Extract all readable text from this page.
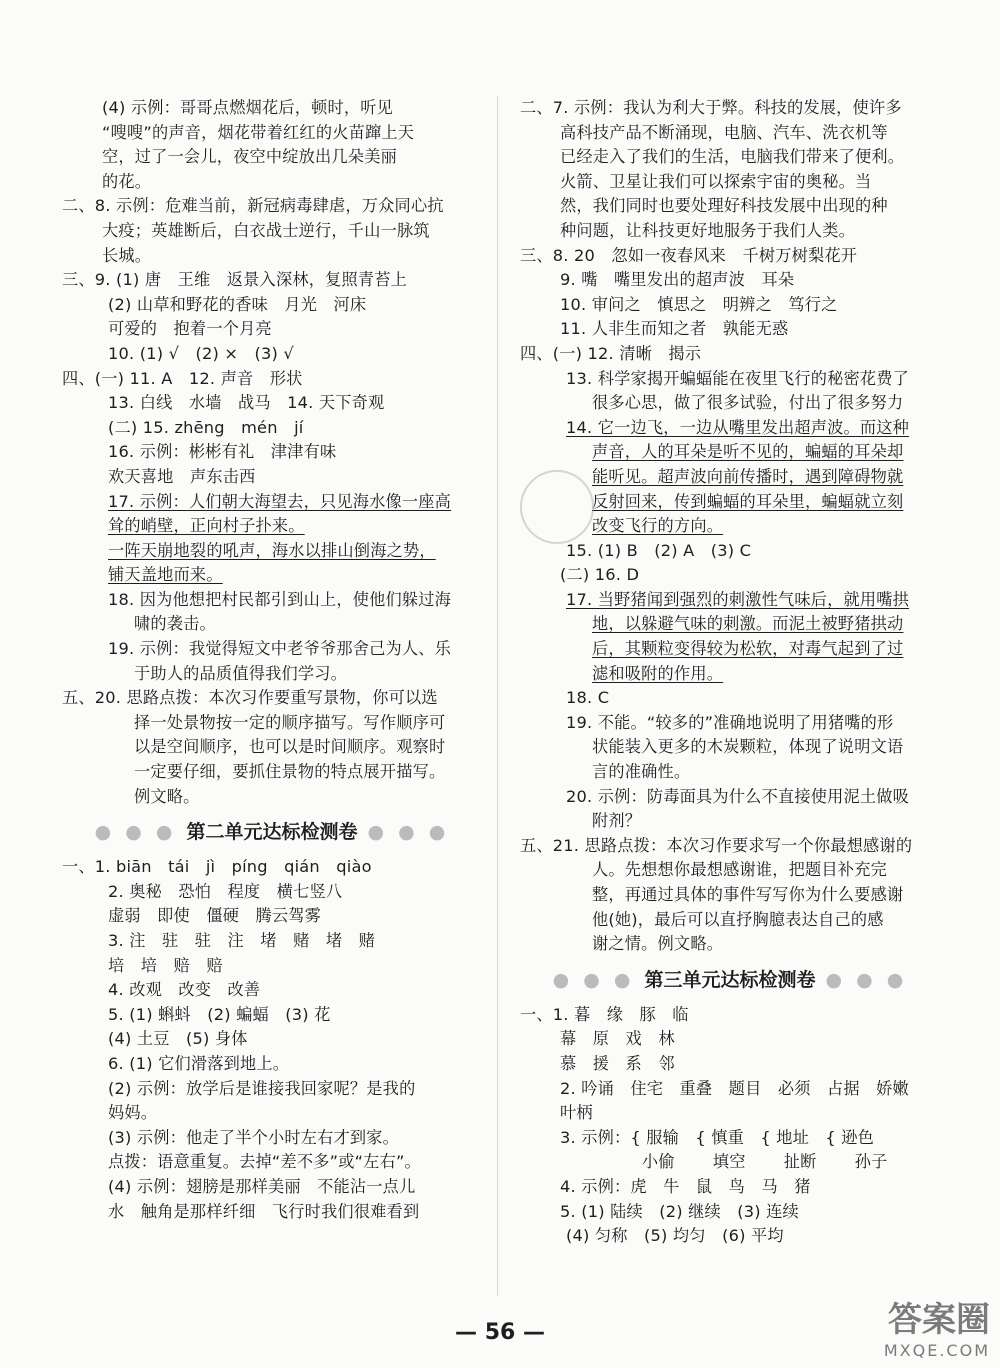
(4) 示例：哥哥点燃烟花后，顿时，听见
“嗖嗖”的声音，烟花带着红红的火苗蹿上天
空，过了一会儿，夜空中绽放出几朵美丽
的花。
二、8. 示例：危难当前，新冠病毒肆虐，万众同心抗
大疫；英雄断后，白衣战士逆行，千山一脉筑
长城。
三、9. (1) 唐　王维　返景入深林，复照青苔上
(2) 山草和野花的香味　月光　河床
可爱的　抱着一个月亮
10. (1) √　(2) ×　(3) √
四、(一) 11. A　12. 声音　形状
13. 白线　水墙　战马　14. 天下奇观
(二) 15. zhēng　mén　jí
16. 示例：彬彬有礼　津津有味
欢天喜地　声东击西
17. 示例：人们朝大海望去，只见海水像一座高
耸的峭壁，正向村子扑来。
一阵天崩地裂的吼声，海水以排山倒海之势，
铺天盖地而来。
18. 因为他想把村民都引到山上，使他们躲过海
啸的袭击。
19. 示例：我觉得短文中老爷爷那舍己为人、乐
于助人的品质值得我们学习。
五、20. 思路点拨：本次习作要重写景物，你可以选
择一处景物按一定的顺序描写。写作顺序可
以是空间顺序，也可以是时间顺序。观察时
一定要仔细，要抓住景物的特点展开描写。
例文略。
● ● ● 第二单元达标检测卷 ● ● ●
一、1. biān　tái　jì　píng　qián　qiào
2. 奥秘　恐怕　程度　横七竖八
虚弱　即使　僵硬　腾云驾雾
3. 注　驻　驻　注　堵　赌　堵　赌
培　培　赔　赔
4. 改观　改变　改善
5. (1) 蝌蚪　(2) 蝙蝠　(3) 花
(4) 土豆　(5) 身体
6. (1) 它们滑落到地上。
(2) 示例：放学后是谁接我回家呢？是我的
妈妈。
(3) 示例：他走了半个小时左右才到家。
点拨：语意重复。去掉“差不多”或“左右”。
(4) 示例：翅膀是那样美丽　不能沾一点儿
水　触角是那样纤细　飞行时我们很难看到
二、7. 示例：我认为利大于弊。科技的发展，使许多
高科技产品不断涌现，电脑、汽车、洗衣机等
已经走入了我们的生活，电脑我们带来了便利。
火箭、卫星让我们可以探索宇宙的奥秘。当
然，我们同时也要处理好科技发展中出现的种
种问题，让科技更好地服务于我们人类。
三、8. 20　忽如一夜春风来　千树万树梨花开
9. 嘴　嘴里发出的超声波　耳朵
10. 审问之　慎思之　明辨之　笃行之
11. 人非生而知之者　孰能无惑
四、(一) 12. 清晰　揭示
13. 科学家揭开蝙蝠能在夜里飞行的秘密花费了
很多心思，做了很多试验，付出了很多努力
14. 它一边飞，一边从嘴里发出超声波。而这种
声音，人的耳朵是听不见的，蝙蝠的耳朵却
能听见。超声波向前传播时，遇到障碍物就
反射回来，传到蝙蝠的耳朵里，蝙蝠就立刻
改变飞行的方向。
15. (1) B　(2) A　(3) C
(二) 16. D
17. 当野猪闻到强烈的刺激性气味后，就用嘴拱
地，以躲避气味的刺激。而泥土被野猪拱动
后，其颗粒变得较为松软，对毒气起到了过
滤和吸附的作用。
18. C
19. 不能。“较多的”准确地说明了用猪嘴的形
状能装入更多的木炭颗粒，体现了说明文语
言的准确性。
20. 示例：防毒面具为什么不直接使用泥土做吸
附剂？
五、21. 思路点拨：本次习作要求写一个你最想感谢的
人。先想想你最想感谢谁，把题目补充完
整，再通过具体的事件写写你为什么要感谢
他(她)，最后可以直抒胸臆表达自己的感
谢之情。例文略。
● ● ● 第三单元达标检测卷 ● ● ●
一、1. 暮　缘　豚　临
幕　原　戏　林
慕　援　系　邻
2. 吟诵　住宅　重叠　题目　必须　占据　娇嫩
叶柄
3. 示例：{ 服输　{ 慎重　{ 地址　{ 逊色
　　　　　小偷　　 填空　　 扯断　　 孙子
4. 示例：虎　牛　鼠　鸟　马　猪
5. (1) 陆续　(2) 继续　(3) 连续
(4) 匀称　(5) 均匀　(6) 平均
— 56 —	答案圈
MXQE.COM
